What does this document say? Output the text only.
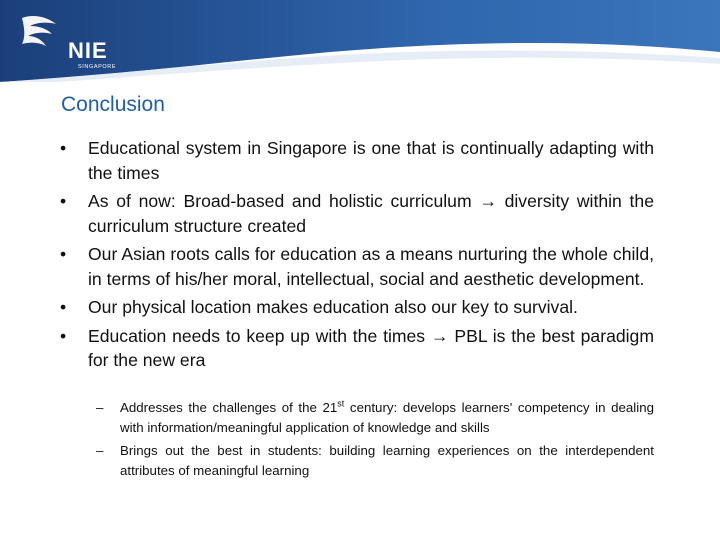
NIE
SINGAPORE
Conclusion
•	Educational system in Singapore is one that is continually adapting with the times
•	As of now: Broad-based and holistic curriculum → diversity within the curriculum structure created
•	Our Asian roots calls for education as a means nurturing the whole child, in terms of his/her moral, intellectual, social and aesthetic development.
•	Our physical location makes education also our key to survival.
•	Education needs to keep up with the times → PBL is the best paradigm for the new era
– Addresses the challenges of the 21st century: develops learners' competency in dealing with information/meaningful application of knowledge and skills
– Brings out the best in students: building learning experiences on the interdependent attributes of meaningful learning
